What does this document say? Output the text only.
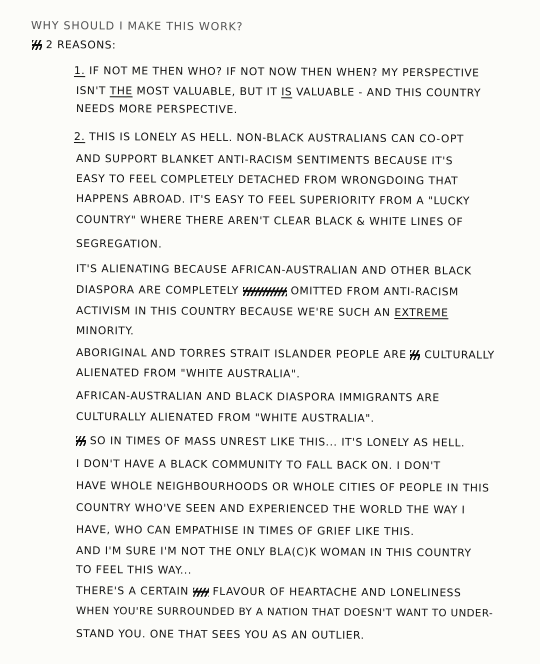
WHY SHOULD I MAKE THIS WORK?
2 REASONS:
1. IF NOT ME THEN WHO? IF NOT NOW THEN WHEN? MY PERSPECTIVE
ISN'T THE MOST VALUABLE, BUT IT IS VALUABLE - AND THIS COUNTRY
NEEDS MORE PERSPECTIVE.
2. THIS IS LONELY AS HELL. NON-BLACK AUSTRALIANS CAN CO-OPT
AND SUPPORT BLANKET ANTI-RACISM SENTIMENTS BECAUSE IT'S
EASY TO FEEL COMPLETELY DETACHED FROM WRONGDOING THAT
HAPPENS ABROAD. IT'S EASY TO FEEL SUPERIORITY FROM A "LUCKY
COUNTRY" WHERE THERE AREN'T CLEAR BLACK & WHITE LINES OF
SEGREGATION.
IT'S ALIENATING BECAUSE AFRICAN-AUSTRALIAN AND OTHER BLACK
DIASPORA ARE COMPLETELY	OMITTED FROM ANTI-RACISM
ACTIVISM IN THIS COUNTRY BECAUSE WE'RE SUCH AN EXTREME
MINORITY.
ABORIGINAL AND TORRES STRAIT ISLANDER PEOPLE ARE  CULTURALLY
ALIENATED FROM "WHITE AUSTRALIA".
AFRICAN-AUSTRALIAN AND BLACK DIASPORA IMMIGRANTS ARE
CULTURALLY ALIENATED FROM "WHITE AUSTRALIA".
SO IN TIMES OF MASS UNREST LIKE THIS... IT'S LONELY AS HELL.
I DON'T HAVE A BLACK COMMUNITY TO FALL BACK ON. I DON'T
HAVE WHOLE NEIGHBOURHOODS OR WHOLE CITIES OF PEOPLE IN THIS
COUNTRY WHO'VE SEEN AND EXPERIENCED THE WORLD THE WAY I
HAVE, WHO CAN EMPATHISE IN TIMES OF GRIEF LIKE THIS.
AND I'M SURE I'M NOT THE ONLY BLA(C)K WOMAN IN THIS COUNTRY
TO FEEL THIS WAY...
THERE'S A CERTAIN  FLAVOUR OF HEARTACHE AND LONELINESS
WHEN YOU'RE SURROUNDED BY A NATION THAT DOESN'T WANT TO UNDER-
STAND YOU. ONE THAT SEES YOU AS AN OUTLIER.
